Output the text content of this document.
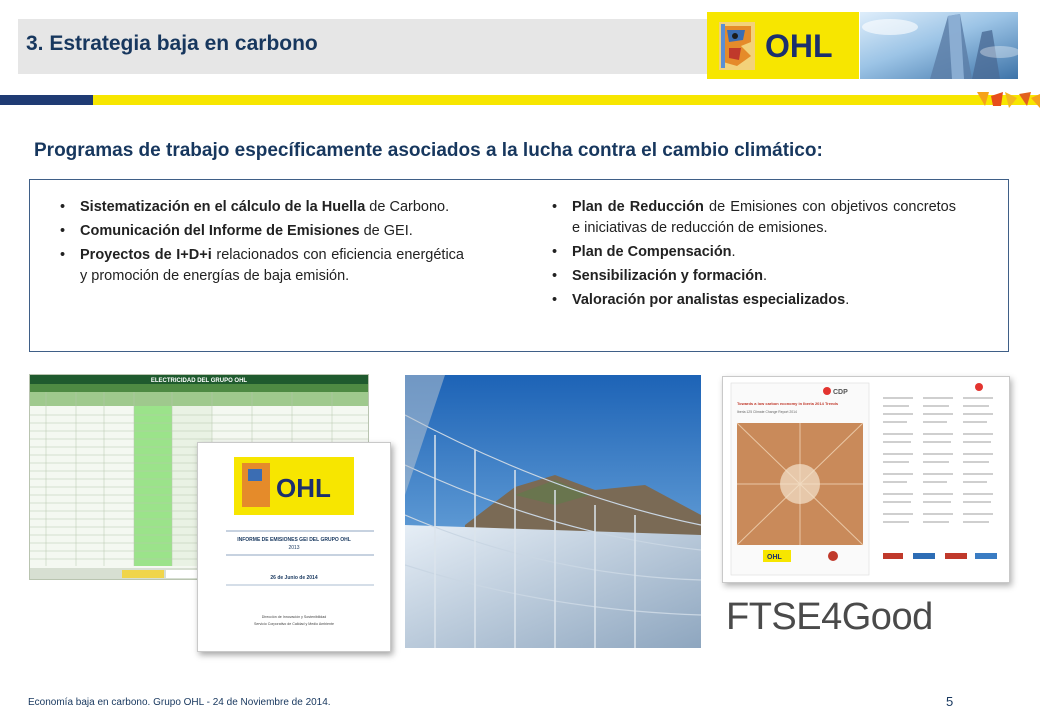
3. Estrategia baja en carbono	OHL
Programas de trabajo específicamente asociados a la lucha contra el cambio climático:
•	Sistematización en el cálculo de la Huella de Carbono.
•	Comunicación del Informe de Emisiones de GEI.
•	Proyectos de I+D+i relacionados con eficiencia energética y promoción de energías de baja emisión.
•	Plan de Reducción de Emisiones con objetivos concretos e iniciativas de reducción de emisiones.
•	Plan de Compensación.
•	Sensibilización y formación.
•	Valoración por analistas especializados.
ELECTRICIDAD DEL GRUPO OHL
OHL
INFORME DE EMISIONES GEI DEL GRUPO OHL
2013
26 de Junio de 2014
Dirección de Innovación y Sostenibilidad
Servicio Corporativo de Calidad y Medio Ambiente
CDP
Towards a low carbon economy in Iberia 2014 Trends
Iberia 125 Climate Change Report 2014
OHL
FTSE4Good
Economía baja en carbono. Grupo OHL - 24 de Noviembre de 2014.	5
